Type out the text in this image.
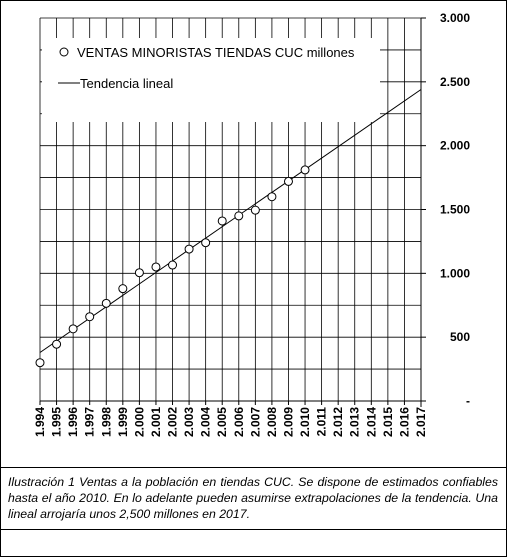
-
500
1.000
1.500
2.000
2.500
3.000
1.994 1.995 1.996 1.997 1.998 1.999 2.000 2.001 2.002 2.003 2.004 2.005 2.006 2.007 2.008 2.009 2.010 2.011 2.012 2.013 2.014 2.015 2.016 2.017
VENTAS MINORISTAS TIENDAS CUC millones
Tendencia lineal
Ilustración 1 Ventas a la población en tiendas CUC. Se dispone de estimados confiables hasta el año 2010. En lo adelante pueden asumirse extrapolaciones de la tendencia. Una lineal arrojaría unos 2,500 millones en 2017.
